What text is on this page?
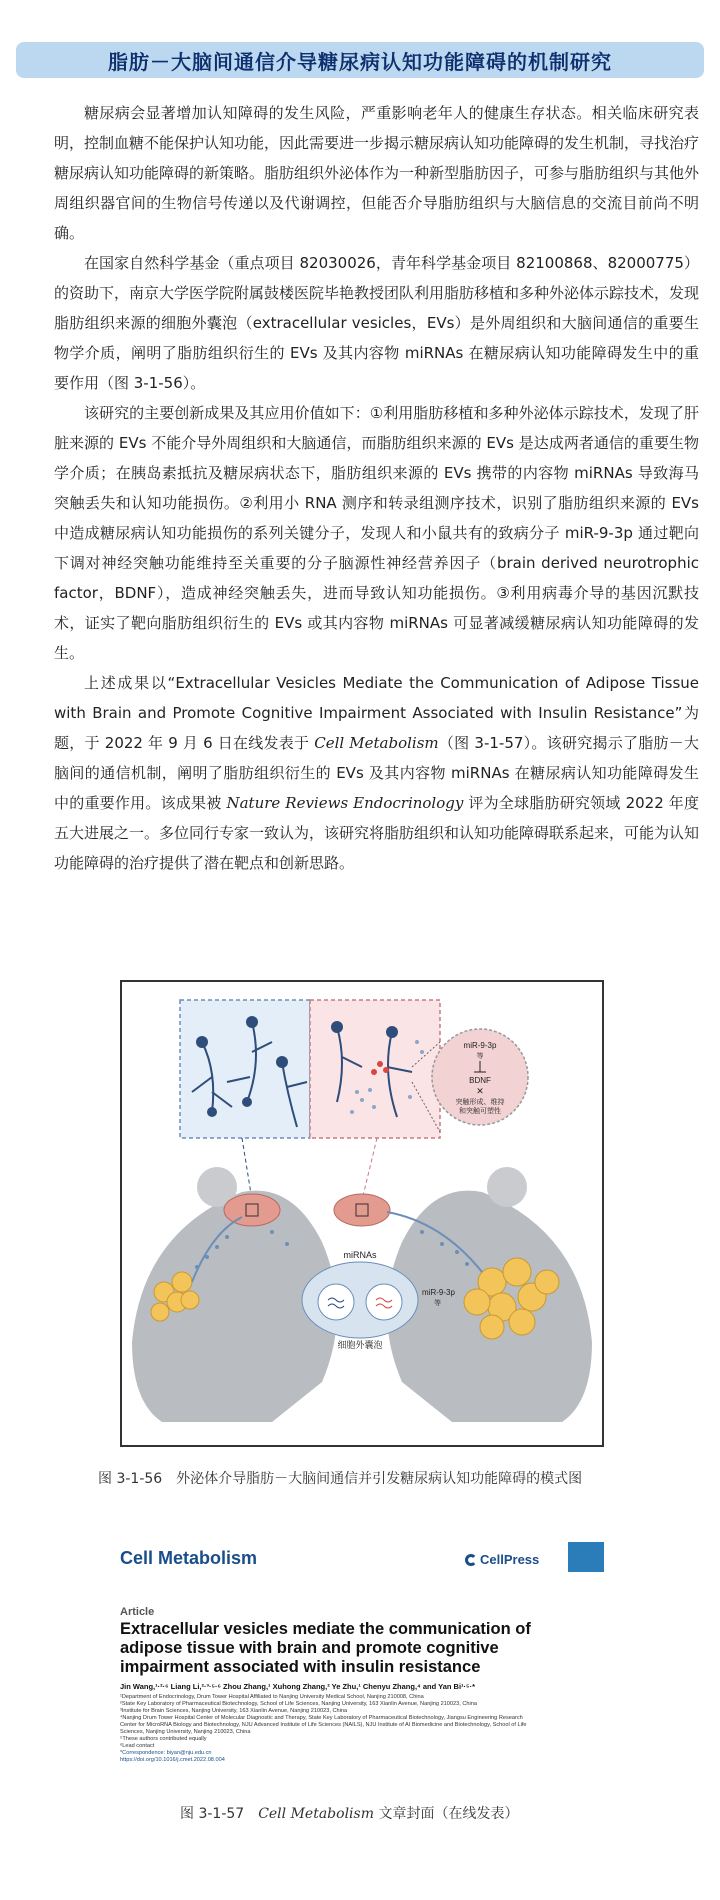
脂肪－大脑间通信介导糖尿病认知功能障碍的机制研究

糖尿病会显著增加认知障碍的发生风险，严重影响老年人的健康生存状态。相关临床研究表明，控制血糖不能保护认知功能，因此需要进一步揭示糖尿病认知功能障碍的发生机制，寻找治疗糖尿病认知功能障碍的新策略。脂肪组织外泌体作为一种新型脂肪因子，可参与脂肪组织与其他外周组织器官间的生物信号传递以及代谢调控，但能否介导脂肪组织与大脑信息的交流目前尚不明确。

在国家自然科学基金（重点项目 82030026，青年科学基金项目 82100868、82000775）的资助下，南京大学医学院附属鼓楼医院毕艳教授团队利用脂肪移植和多种外泌体示踪技术，发现脂肪组织来源的细胞外囊泡（extracellular vesicles，EVs）是外周组织和大脑间通信的重要生物学介质，阐明了脂肪组织衍生的 EVs 及其内容物 miRNAs 在糖尿病认知功能障碍发生中的重要作用（图 3-1-56）。

该研究的主要创新成果及其应用价值如下：①利用脂肪移植和多种外泌体示踪技术，发现了肝脏来源的 EVs 不能介导外周组织和大脑通信，而脂肪组织来源的 EVs 是达成两者通信的重要生物学介质；在胰岛素抵抗及糖尿病状态下，脂肪组织来源的 EVs 携带的内容物 miRNAs 导致海马突触丢失和认知功能损伤。②利用小 RNA 测序和转录组测序技术，识别了脂肪组织来源的 EVs 中造成糖尿病认知功能损伤的系列关键分子，发现人和小鼠共有的致病分子 miR-9-3p 通过靶向下调对神经突触功能维持至关重要的分子脑源性神经营养因子（brain derived neurotrophic factor，BDNF），造成神经突触丢失，进而导致认知功能损伤。③利用病毒介导的基因沉默技术，证实了靶向脂肪组织衍生的 EVs 或其内容物 miRNAs 可显著减缓糖尿病认知功能障碍的发生。

上述成果以“Extracellular Vesicles Mediate the Communication of Adipose Tissue with Brain and Promote Cognitive Impairment Associated with Insulin Resistance”为题，于 2022 年 9 月 6 日在线发表于 Cell Metabolism（图 3-1-57）。该研究揭示了脂肪－大脑间的通信机制，阐明了脂肪组织衍生的 EVs 及其内容物 miRNAs 在糖尿病认知功能障碍发生中的重要作用。该成果被 Nature Reviews Endocrinology 评为全球脂肪研究领域 2022 年度五大进展之一。多位同行专家一致认为，该研究将脂肪组织和认知功能障碍联系起来，可能为认知功能障碍的治疗提供了潜在靶点和创新思路。

miR-9-3p
等
BDNF
✕
突触形成、维持
和突触可塑性
miRNAs
miR-9-3p
等
细胞外囊泡
图 3-1-56　外泌体介导脂肪－大脑间通信并引发糖尿病认知功能障碍的模式图
Cell Metabolism	CellPress
Article
Extracellular vesicles mediate the communication of adipose tissue with brain and promote cognitive impairment associated with insulin resistance
Jin Wang,¹·²·⁶ Liang Li,²·³·⁵·⁶ Zhou Zhang,¹ Xuhong Zhang,² Ye Zhu,¹ Chenyu Zhang,⁴ and Yan Bi¹·⁵·*
¹Department of Endocrinology, Drum Tower Hospital Affiliated to Nanjing University Medical School, Nanjing 210008, China
²State Key Laboratory of Pharmaceutical Biotechnology, School of Life Sciences, Nanjing University, 163 Xianlin Avenue, Nanjing 210023, China
³Institute for Brain Sciences, Nanjing University, 163 Xianlin Avenue, Nanjing 210023, China
⁴Nanjing Drum Tower Hospital Center of Molecular Diagnostic and Therapy, State Key Laboratory of Pharmaceutical Biotechnology, Jiangsu Engineering Research Center for MicroRNA Biology and Biotechnology, NJU Advanced Institute of Life Sciences (NAILS), NJU Institute of AI Biomedicine and Biotechnology, School of Life Sciences, Nanjing University, Nanjing 210023, China
⁵These authors contributed equally
⁶Lead contact
*Correspondence: biyan@nju.edu.cn
https://doi.org/10.1016/j.cmet.2022.08.004
图 3-1-57　Cell Metabolism 文章封面（在线发表）
